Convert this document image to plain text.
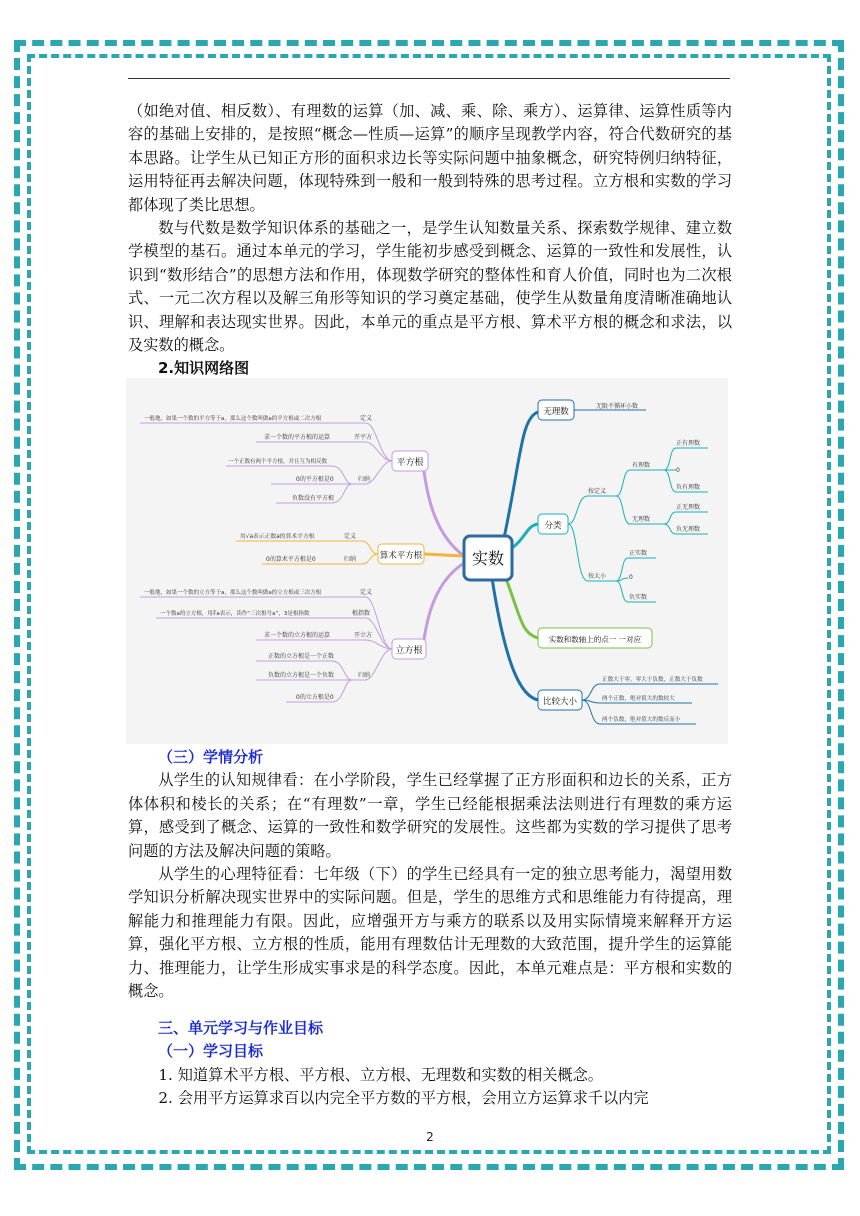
（如绝对值、相反数）、有理数的运算（加、减、乘、除、乘方）、运算律、运算性质等内容的基础上安排的，是按照“概念—性质—运算”的顺序呈现教学内容，符合代数研究的基本思路。让学生从已知正方形的面积求边长等实际问题中抽象概念，研究特例归纳特征，运用特征再去解决问题，体现特殊到一般和一般到特殊的思考过程。立方根和实数的学习都体现了类比思想。

数与代数是数学知识体系的基础之一，是学生认知数量关系、探索数学规律、建立数学模型的基石。通过本单元的学习，学生能初步感受到概念、运算的一致性和发展性，认识到“数形结合”的思想方法和作用，体现数学研究的整体性和育人价值，同时也为二次根式、一元二次方程以及解三角形等知识的学习奠定基础，使学生从数量角度清晰准确地认识、理解和表达现实世界。因此，本单元的重点是平方根、算术平方根的概念和求法，以及实数的概念。

2.知识网络图

实数
平方根
一般地，如果一个数的平方等于a，那么这个数叫做a的平方根或二次方根	定义
求一个数的平方根的运算	开平方
一个正数有两个平方根，并且互为相反数
0的平方根是0	归纳
负数没有平方根
算术平方根
用√a表示正数a的算术平方根	定义
0的算术平方根是0	归纳
立方根
一般地，如果一个数的立方等于a，那么这个数叫做a的立方根或三次方根	定义
一个数a的立方根，用∛a表示，读作“三次根号a”，3是根指数	根指数
求一个数的立方根的运算	开立方
正数的立方根是一个正数
负数的立方根是一个负数	归纳
0的立方根是0
无理数
无限不循环小数
分类
按定义
按大小
有理数
无理数
正有理数
0
负有理数
正无理数
负无理数
正实数
0
负实数
实数和数轴上的点一 一对应
比较大小
正数大于零，零大于负数，正数大于负数
两个正数，绝对值大的数较大
两个负数，绝对值大的数反而小

（三）学情分析

从学生的认知规律看：在小学阶段，学生已经掌握了正方形面积和边长的关系，正方体体积和棱长的关系；在“有理数”一章，学生已经能根据乘法法则进行有理数的乘方运算，感受到了概念、运算的一致性和数学研究的发展性。这些都为实数的学习提供了思考问题的方法及解决问题的策略。

从学生的心理特征看：七年级（下）的学生已经具有一定的独立思考能力，渴望用数学知识分析解决现实世界中的实际问题。但是，学生的思维方式和思维能力有待提高，理解能力和推理能力有限。因此，应增强开方与乘方的联系以及用实际情境来解释开方运算，强化平方根、立方根的性质，能用有理数估计无理数的大致范围，提升学生的运算能力、推理能力，让学生形成实事求是的科学态度。因此，本单元难点是：平方根和实数的概念。

三、单元学习与作业目标

（一）学习目标

1. 知道算术平方根、平方根、立方根、无理数和实数的相关概念。

2. 会用平方运算求百以内完全平方数的平方根，会用立方运算求千以内完

2
